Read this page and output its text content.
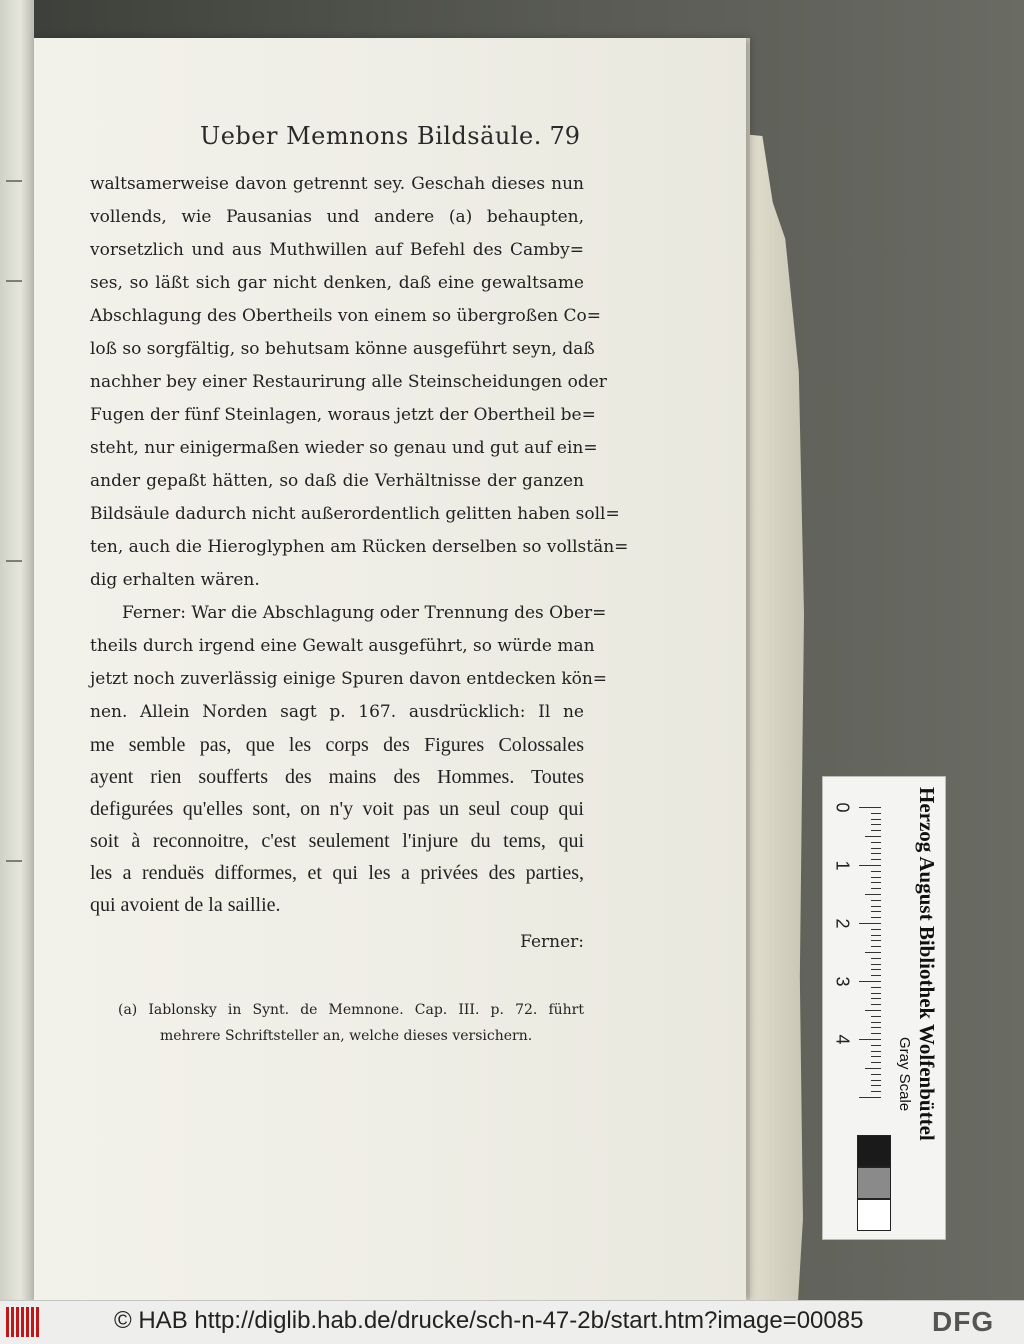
Ueber Memnons Bildsäule. 79
waltsamerweise davon getrennt sey. Geschah dieses nun
vollends, wie Pausanias und andere (a) behaupten,
vorsetzlich und aus Muthwillen auf Befehl des Camby=
ses, so läßt sich gar nicht denken, daß eine gewaltsame
Abschlagung des Obertheils von einem so übergroßen Co=
loß so sorgfältig, so behutsam könne ausgeführt seyn, daß
nachher bey einer Restaurirung alle Steinscheidungen oder
Fugen der fünf Steinlagen, woraus jetzt der Obertheil be=
steht, nur einigermaßen wieder so genau und gut auf ein=
ander gepaßt hätten, so daß die Verhältnisse der ganzen
Bildsäule dadurch nicht außerordentlich gelitten haben soll=
ten, auch die Hieroglyphen am Rücken derselben so vollstän=
dig erhalten wären.
Ferner: War die Abschlagung oder Trennung des Ober=
theils durch irgend eine Gewalt ausgeführt, so würde man
jetzt noch zuverlässig einige Spuren davon entdecken kön=
nen. Allein Norden sagt p. 167. ausdrücklich: Il ne
me semble pas, que les corps des Figures Colossales
ayent rien soufferts des mains des Hommes. Toutes
defigurées qu'elles sont, on n'y voit pas un seul coup qui
soit à reconnoitre, c'est seulement l'injure du tems, qui
les a renduës difformes, et qui les a privées des parties,
qui avoient de la saillie.
Ferner:
(a) Iablonsky in Synt. de Memnone. Cap. III. p. 72. führt
mehrere Schriftsteller an, welche dieses versichern.
0
1
2
3
4	Herzog August Bibliothek Wolfenbüttel
Gray Scale
© HAB http://diglib.hab.de/drucke/sch-n-47-2b/start.htm?image=00085 DFG
